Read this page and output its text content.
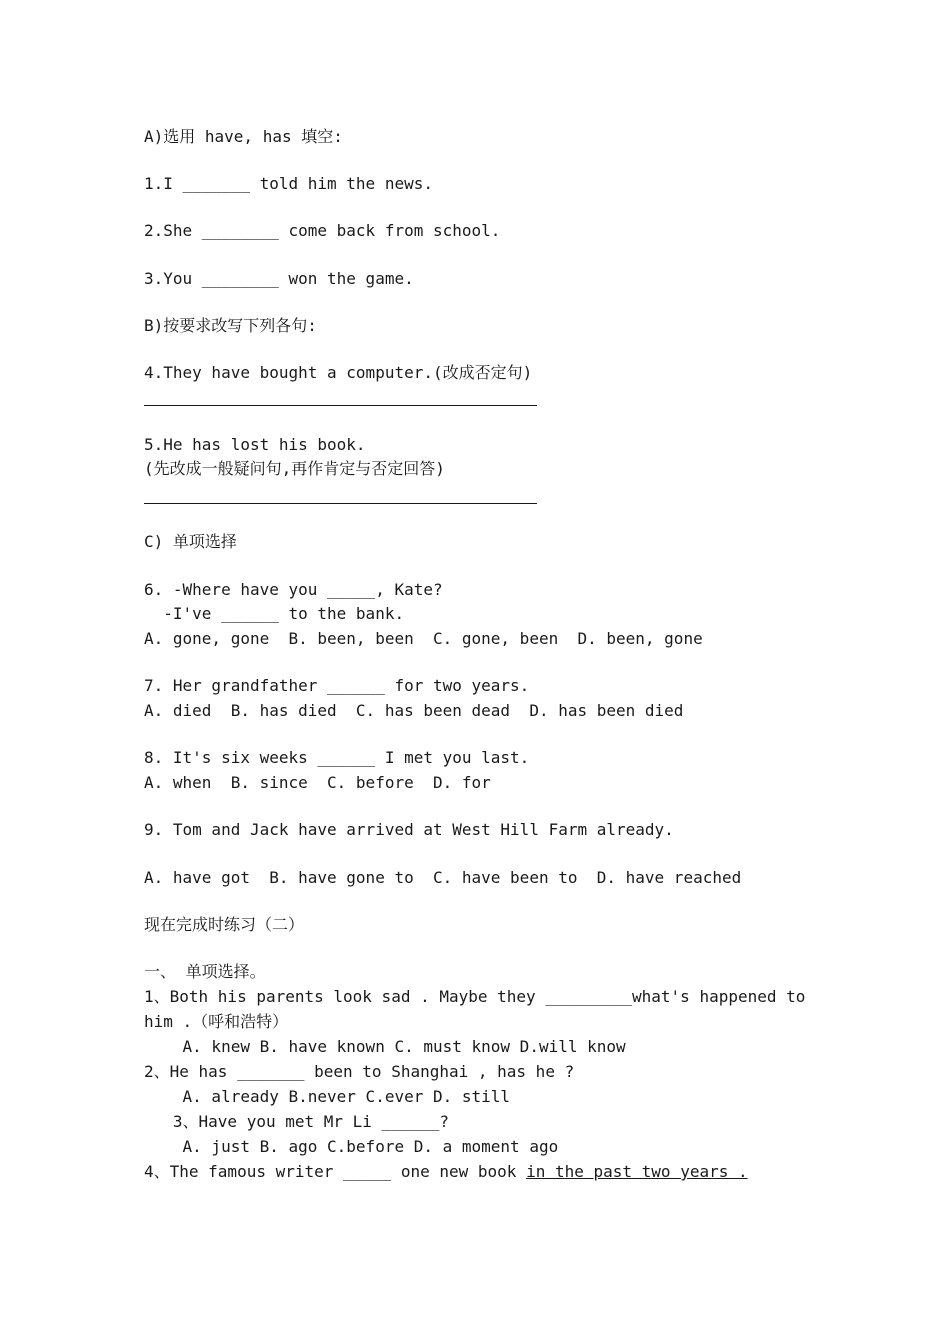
A)选用 have, has 填空:
1.I _______ told him the news.
2.She ________ come back from school.
3.You ________ won the game.
B)按要求改写下列各句:
4.They have bought a computer.(改成否定句)
5.He has lost his book.
(先改成一般疑问句,再作肯定与否定回答)
C) 单项选择
6. -Where have you _____, Kate?
-I've ______ to the bank.
A. gone, gone  B. been, been  C. gone, been  D. been, gone
7. Her grandfather ______ for two years.
A. died  B. has died  C. has been dead  D. has been died
8. It's six weeks ______ I met you last.
A. when  B. since  C. before  D. for
9. Tom and Jack have arrived at West Hill Farm already.
A. have got  B. have gone to  C. have been to  D. have reached
现在完成时练习（二）
一、 单项选择。
1、Both his parents look sad . Maybe they _________what's happened to
him .（呼和浩特）
A. knew B. have known C. must know D.will know
2、He has _______ been to Shanghai , has he ?
A. already B.never C.ever D. still
3、Have you met Mr Li ______?
A. just B. ago C.before D. a moment ago
4、The famous writer _____ one new book in the past two years .
